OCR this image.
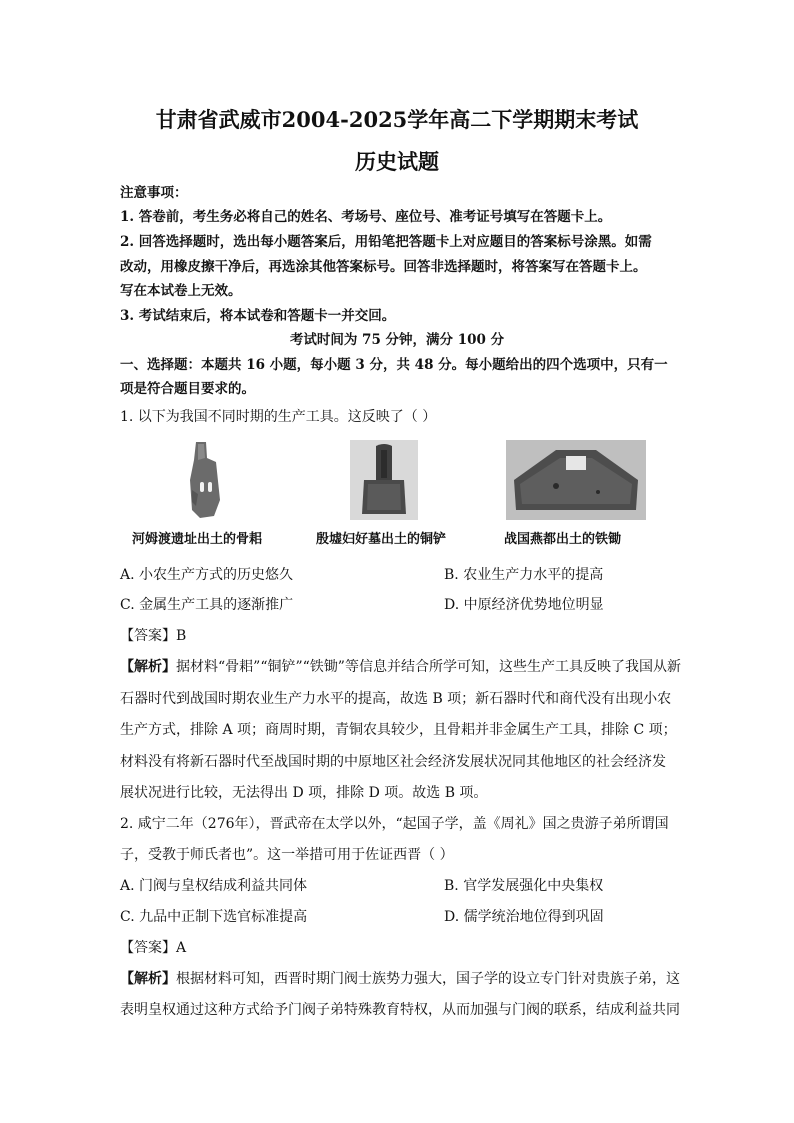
甘肃省武威市2004-2025学年高二下学期期末考试
历史试题
注意事项：
1. 答卷前，考生务必将自己的姓名、考场号、座位号、准考证号填写在答题卡上。
2. 回答选择题时，选出每小题答案后，用铅笔把答题卡上对应题目的答案标号涂黑。如需
改动，用橡皮擦干净后，再选涂其他答案标号。回答非选择题时，将答案写在答题卡上。
写在本试卷上无效。
3. 考试结束后，将本试卷和答题卡一并交回。
考试时间为 75 分钟，满分 100 分
一、选择题：本题共 16 小题，每小题 3 分，共 48 分。每小题给出的四个选项中，只有一
项是符合题目要求的。
1. 以下为我国不同时期的生产工具。这反映了（ ）
河姆渡遗址出土的骨耜	殷墟妇好墓出土的铜铲	战国燕都出土的铁锄
A. 小农生产方式的历史悠久	B. 农业生产力水平的提高
C. 金属生产工具的逐渐推广	D. 中原经济优势地位明显
【答案】B
【解析】据材料“骨耜”“铜铲”“铁锄”等信息并结合所学可知，这些生产工具反映了我国从新
石器时代到战国时期农业生产力水平的提高，故选 B 项；新石器时代和商代没有出现小农
生产方式，排除 A 项；商周时期，青铜农具较少，且骨耜并非金属生产工具，排除 C 项；
材料没有将新石器时代至战国时期的中原地区社会经济发展状况同其他地区的社会经济发
展状况进行比较，无法得出 D 项，排除 D 项。故选 B 项。
2. 咸宁二年（276年），晋武帝在太学以外，“起国子学，盖《周礼》国之贵游子弟所谓国
子，受教于师氏者也”。这一举措可用于佐证西晋（ ）
A. 门阀与皇权结成利益共同体	B. 官学发展强化中央集权
C. 九品中正制下选官标准提高	D. 儒学统治地位得到巩固
【答案】A
【解析】根据材料可知，西晋时期门阀士族势力强大，国子学的设立专门针对贵族子弟，这
表明皇权通过这种方式给予门阀子弟特殊教育特权，从而加强与门阀的联系，结成利益共同
